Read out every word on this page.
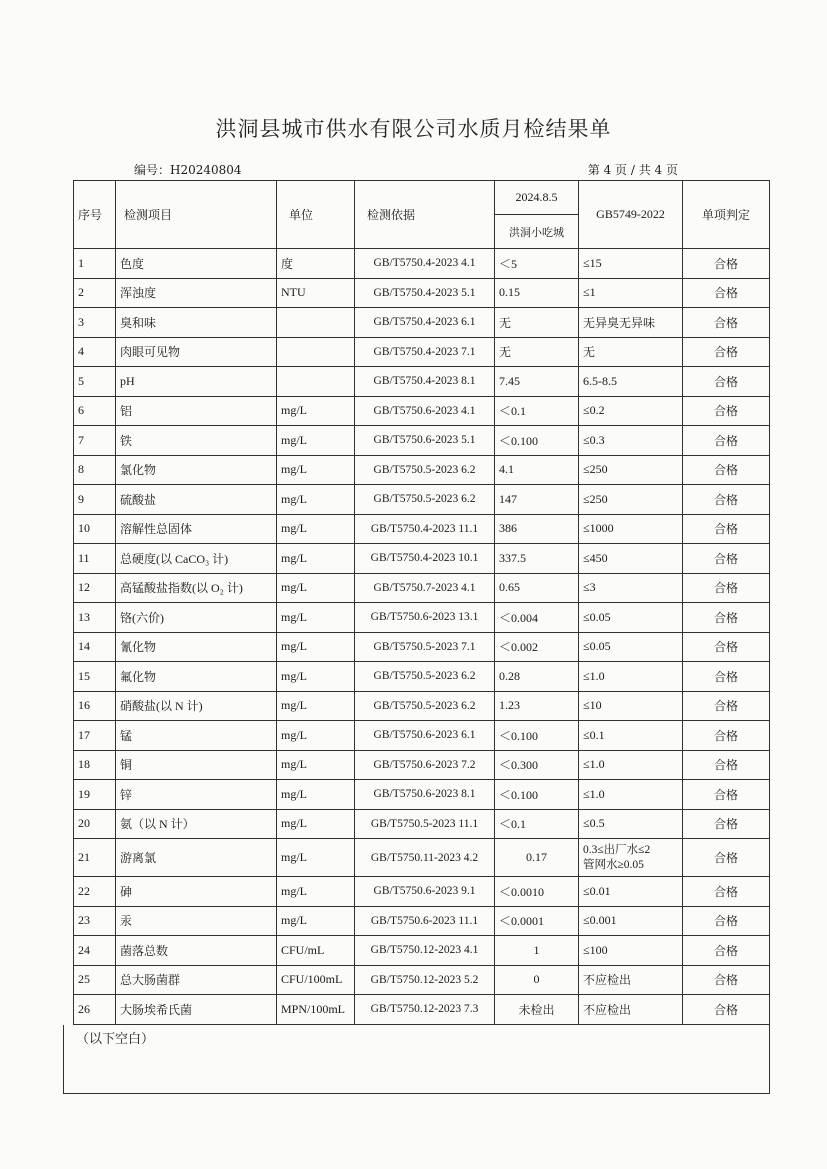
洪洞县城市供水有限公司水质月检结果单
编号：H20240804	第 4 页 / 共 4 页
序号	检测项目	单位	检测依据	2024.8.5	GB5749-2022	单项判定
				洪洞小吃城		
1	色度	度	GB/T5750.4-2023 4.1	＜5	≤15	合格
2	浑浊度	NTU	GB/T5750.4-2023 5.1	0.15	≤1	合格
3	臭和味		GB/T5750.4-2023 6.1	无	无异臭无异味	合格
4	肉眼可见物		GB/T5750.4-2023 7.1	无	无	合格
5	pH		GB/T5750.4-2023 8.1	7.45	6.5-8.5	合格
6	铝	mg/L	GB/T5750.6-2023 4.1	＜0.1	≤0.2	合格
7	铁	mg/L	GB/T5750.6-2023 5.1	＜0.100	≤0.3	合格
8	氯化物	mg/L	GB/T5750.5-2023 6.2	4.1	≤250	合格
9	硫酸盐	mg/L	GB/T5750.5-2023 6.2	147	≤250	合格
10	溶解性总固体	mg/L	GB/T5750.4-2023 11.1	386	≤1000	合格
11	总硬度(以 CaCO₃ 计)	mg/L	GB/T5750.4-2023 10.1	337.5	≤450	合格
12	高锰酸盐指数(以 O₂ 计)	mg/L	GB/T5750.7-2023 4.1	0.65	≤3	合格
13	铬(六价)	mg/L	GB/T5750.6-2023 13.1	＜0.004	≤0.05	合格
14	氰化物	mg/L	GB/T5750.5-2023 7.1	＜0.002	≤0.05	合格
15	氟化物	mg/L	GB/T5750.5-2023 6.2	0.28	≤1.0	合格
16	硝酸盐(以 N 计)	mg/L	GB/T5750.5-2023 6.2	1.23	≤10	合格
17	锰	mg/L	GB/T5750.6-2023 6.1	＜0.100	≤0.1	合格
18	铜	mg/L	GB/T5750.6-2023 7.2	＜0.300	≤1.0	合格
19	锌	mg/L	GB/T5750.6-2023 8.1	＜0.100	≤1.0	合格
20	氨（以 N 计）	mg/L	GB/T5750.5-2023 11.1	＜0.1	≤0.5	合格
21	游离氯	mg/L	GB/T5750.11-2023 4.2	0.17	0.3≤出厂水≤2
管网水≥0.05	合格
22	砷	mg/L	GB/T5750.6-2023 9.1	＜0.0010	≤0.01	合格
23	汞	mg/L	GB/T5750.6-2023 11.1	＜0.0001	≤0.001	合格
24	菌落总数	CFU/mL	GB/T5750.12-2023 4.1	1	≤100	合格
25	总大肠菌群	CFU/100mL	GB/T5750.12-2023 5.2	0	不应检出	合格
26	大肠埃希氏菌	MPN/100mL	GB/T5750.12-2023 7.3	未检出	不应检出	合格
（以下空白）
